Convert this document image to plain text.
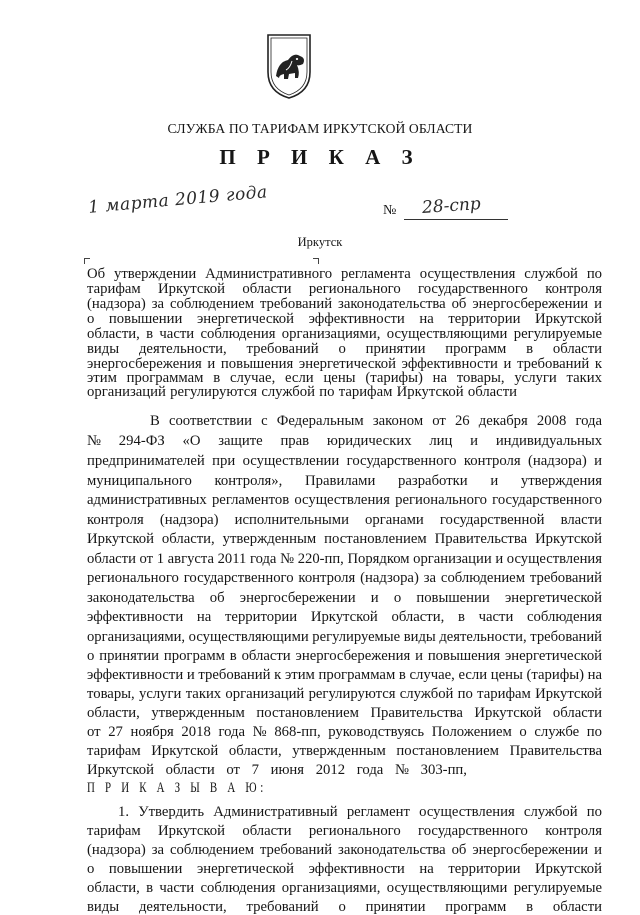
СЛУЖБА ПО ТАРИФАМ ИРКУТСКОЙ ОБЛАСТИ
П Р И К А З
1 марта 2019 года	№ 28-спр
Иркутск
Об утверждении Административного регламента осуществления службой по
тарифам Иркутской области регионального государственного контроля
(надзора) за соблюдением требований законодательства об энергосбережении и
о повышении энергетической эффективности на территории Иркутской
области, в части соблюдения организациями, осуществляющими регулируемые
виды деятельности, требований о принятии программ в области
энергосбережения и повышения энергетической эффективности и требований к
этим программам в случае, если цены (тарифы) на товары, услуги таких
организаций регулируются службой по тарифам Иркутской области
В соответствии с Федеральным законом от 26 декабря 2008 года
№ 294-ФЗ «О защите прав юридических лиц и индивидуальных
предпринимателей при осуществлении государственного контроля (надзора) и
муниципального контроля», Правилами разработки и утверждения
административных регламентов осуществления регионального государственного
контроля (надзора) исполнительными органами государственной власти
Иркутской области, утвержденным постановлением Правительства Иркутской
области от 1 августа 2011 года № 220-пп, Порядком организации и осуществления
регионального государственного контроля (надзора) за соблюдением требований
законодательства об энергосбережении и о повышении энергетической
эффективности на территории Иркутской области, в части соблюдения
организациями, осуществляющими регулируемые виды деятельности, требований
о принятии программ в области энергосбережения и повышения энергетической
эффективности и требований к этим программам в случае, если цены (тарифы) на
товары, услуги таких организаций регулируются службой по тарифам Иркутской
области, утвержденным постановлением Правительства Иркутской области
от 27 ноября 2018 года № 868-пп, руководствуясь Положением о службе по
тарифам Иркутской области, утвержденным постановлением Правительства
Иркутской области от 7 июня 2012 года № 303-пп,
П Р И К А З Ы В А Ю:
1. Утвердить Административный регламент осуществления службой по
тарифам Иркутской области регионального государственного контроля
(надзора) за соблюдением требований законодательства об энергосбережении и
о повышении энергетической эффективности на территории Иркутской
области, в части соблюдения организациями, осуществляющими регулируемые
виды деятельности, требований о принятии программ в области
